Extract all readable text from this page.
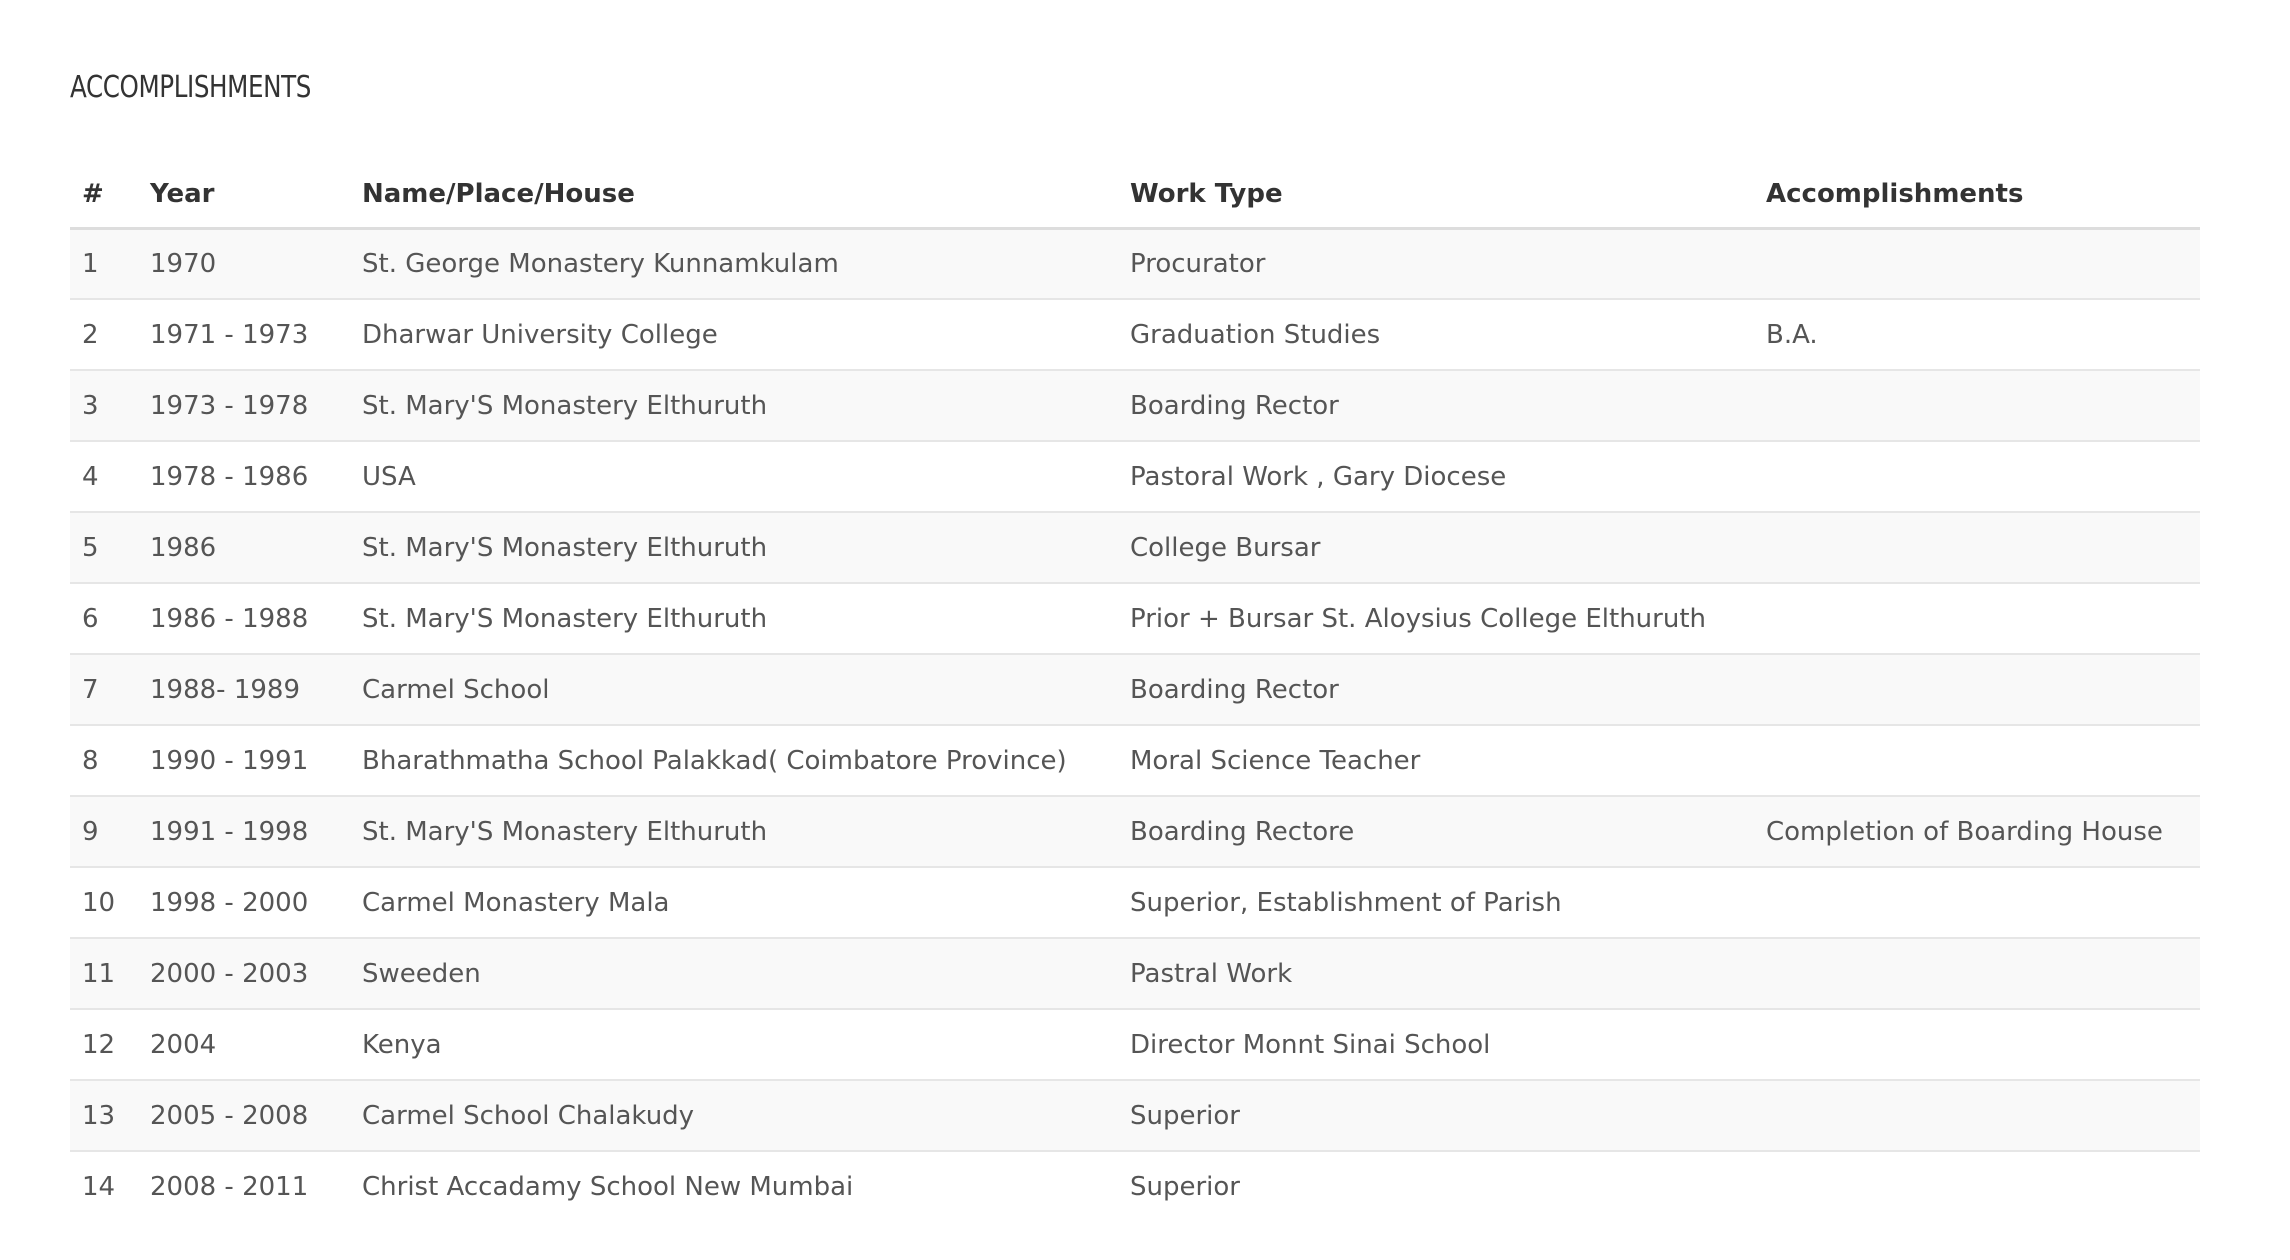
ACCOMPLISHMENTS
#	Year	Name/Place/House	Work Type	Accomplishments
1	1970	St. George Monastery Kunnamkulam	Procurator	
2	1971 - 1973	Dharwar University College	Graduation Studies	B.A.
3	1973 - 1978	St. Mary'S Monastery Elthuruth	Boarding Rector	
4	1978 - 1986	USA	Pastoral Work , Gary Diocese	
5	1986	St. Mary'S Monastery Elthuruth	College Bursar	
6	1986 - 1988	St. Mary'S Monastery Elthuruth	Prior + Bursar St. Aloysius College Elthuruth	
7	1988- 1989	Carmel School	Boarding Rector	
8	1990 - 1991	Bharathmatha School Palakkad( Coimbatore Province)	Moral Science Teacher	
9	1991 - 1998	St. Mary'S Monastery Elthuruth	Boarding Rectore	Completion of Boarding House
10	1998 - 2000	Carmel Monastery Mala	Superior, Establishment of Parish	
11	2000 - 2003	Sweeden	Pastral Work	
12	2004	Kenya	Director Monnt Sinai School	
13	2005 - 2008	Carmel School Chalakudy	Superior	
14	2008 - 2011	Christ Accadamy School New Mumbai	Superior	
